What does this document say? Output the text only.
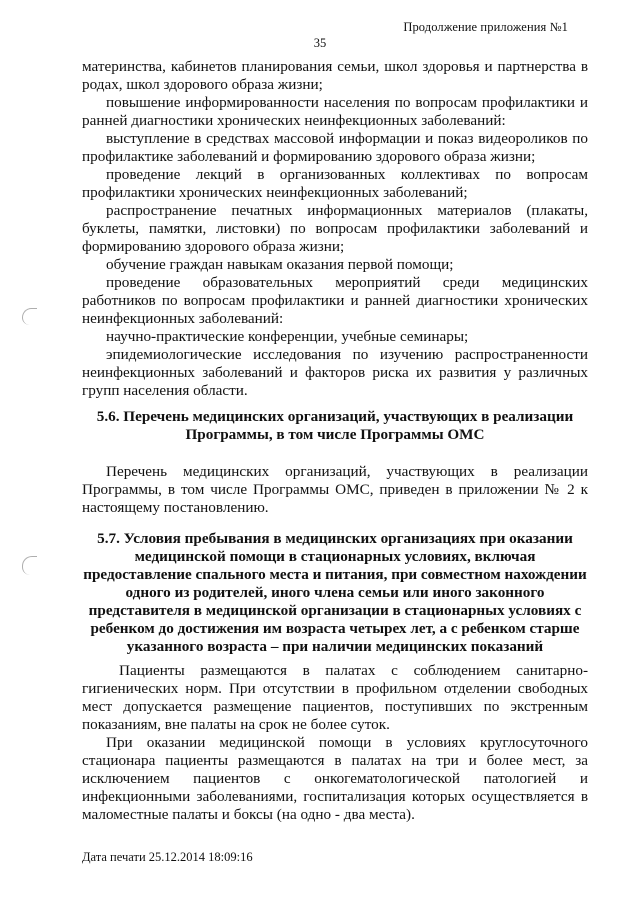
Продолжение приложения №1
35

материнства, кабинетов планирования семьи, школ здоровья и партнерства в родах, школ здорового образа жизни;

повышение информированности населения по вопросам профилактики и ранней диагностики хронических неинфекционных заболеваний:

выступление в средствах массовой информации и показ видеороликов по профилактике заболеваний и формированию здорового образа жизни;

проведение лекций в организованных коллективах по вопросам профилактики хронических неинфекционных заболеваний;

распространение печатных информационных материалов (плакаты, буклеты, памятки, листовки) по вопросам профилактики заболеваний и формированию здорового образа жизни;

обучение граждан навыкам оказания первой помощи;

проведение образовательных мероприятий среди медицинских работников по вопросам профилактики и ранней диагностики хронических неинфекционных заболеваний:

научно-практические конференции, учебные семинары;

эпидемиологические исследования по изучению распространенности неинфекционных заболеваний и факторов риска их развития у различных групп населения области.

5.6. Перечень медицинских организаций, участвующих в реализации Программы, в том числе Программы ОМС

Перечень медицинских организаций, участвующих в реализации Программы, в том числе Программы ОМС, приведен в приложении № 2 к настоящему постановлению.

5.7. Условия пребывания в медицинских организациях при оказании медицинской помощи в стационарных условиях, включая предоставление спального места и питания, при совместном нахождении одного из родителей, иного члена семьи или иного законного представителя в медицинской организации в стационарных условиях с ребенком до достижения им возраста четырех лет, а с ребенком старше указанного возраста – при наличии медицинских показаний

Пациенты размещаются в палатах с соблюдением санитарно-гигиенических норм. При отсутствии в профильном отделении свободных мест допускается размещение пациентов, поступивших по экстренным показаниям, вне палаты на срок не более суток.

При оказании медицинской помощи в условиях круглосуточного стационара пациенты размещаются в палатах на три и более мест, за исключением пациентов с онкогематологической патологией и инфекционными заболеваниями, госпитализация которых осуществляется в маломестные палаты и боксы (на одно - два места).

Дата печати 25.12.2014 18:09:16
